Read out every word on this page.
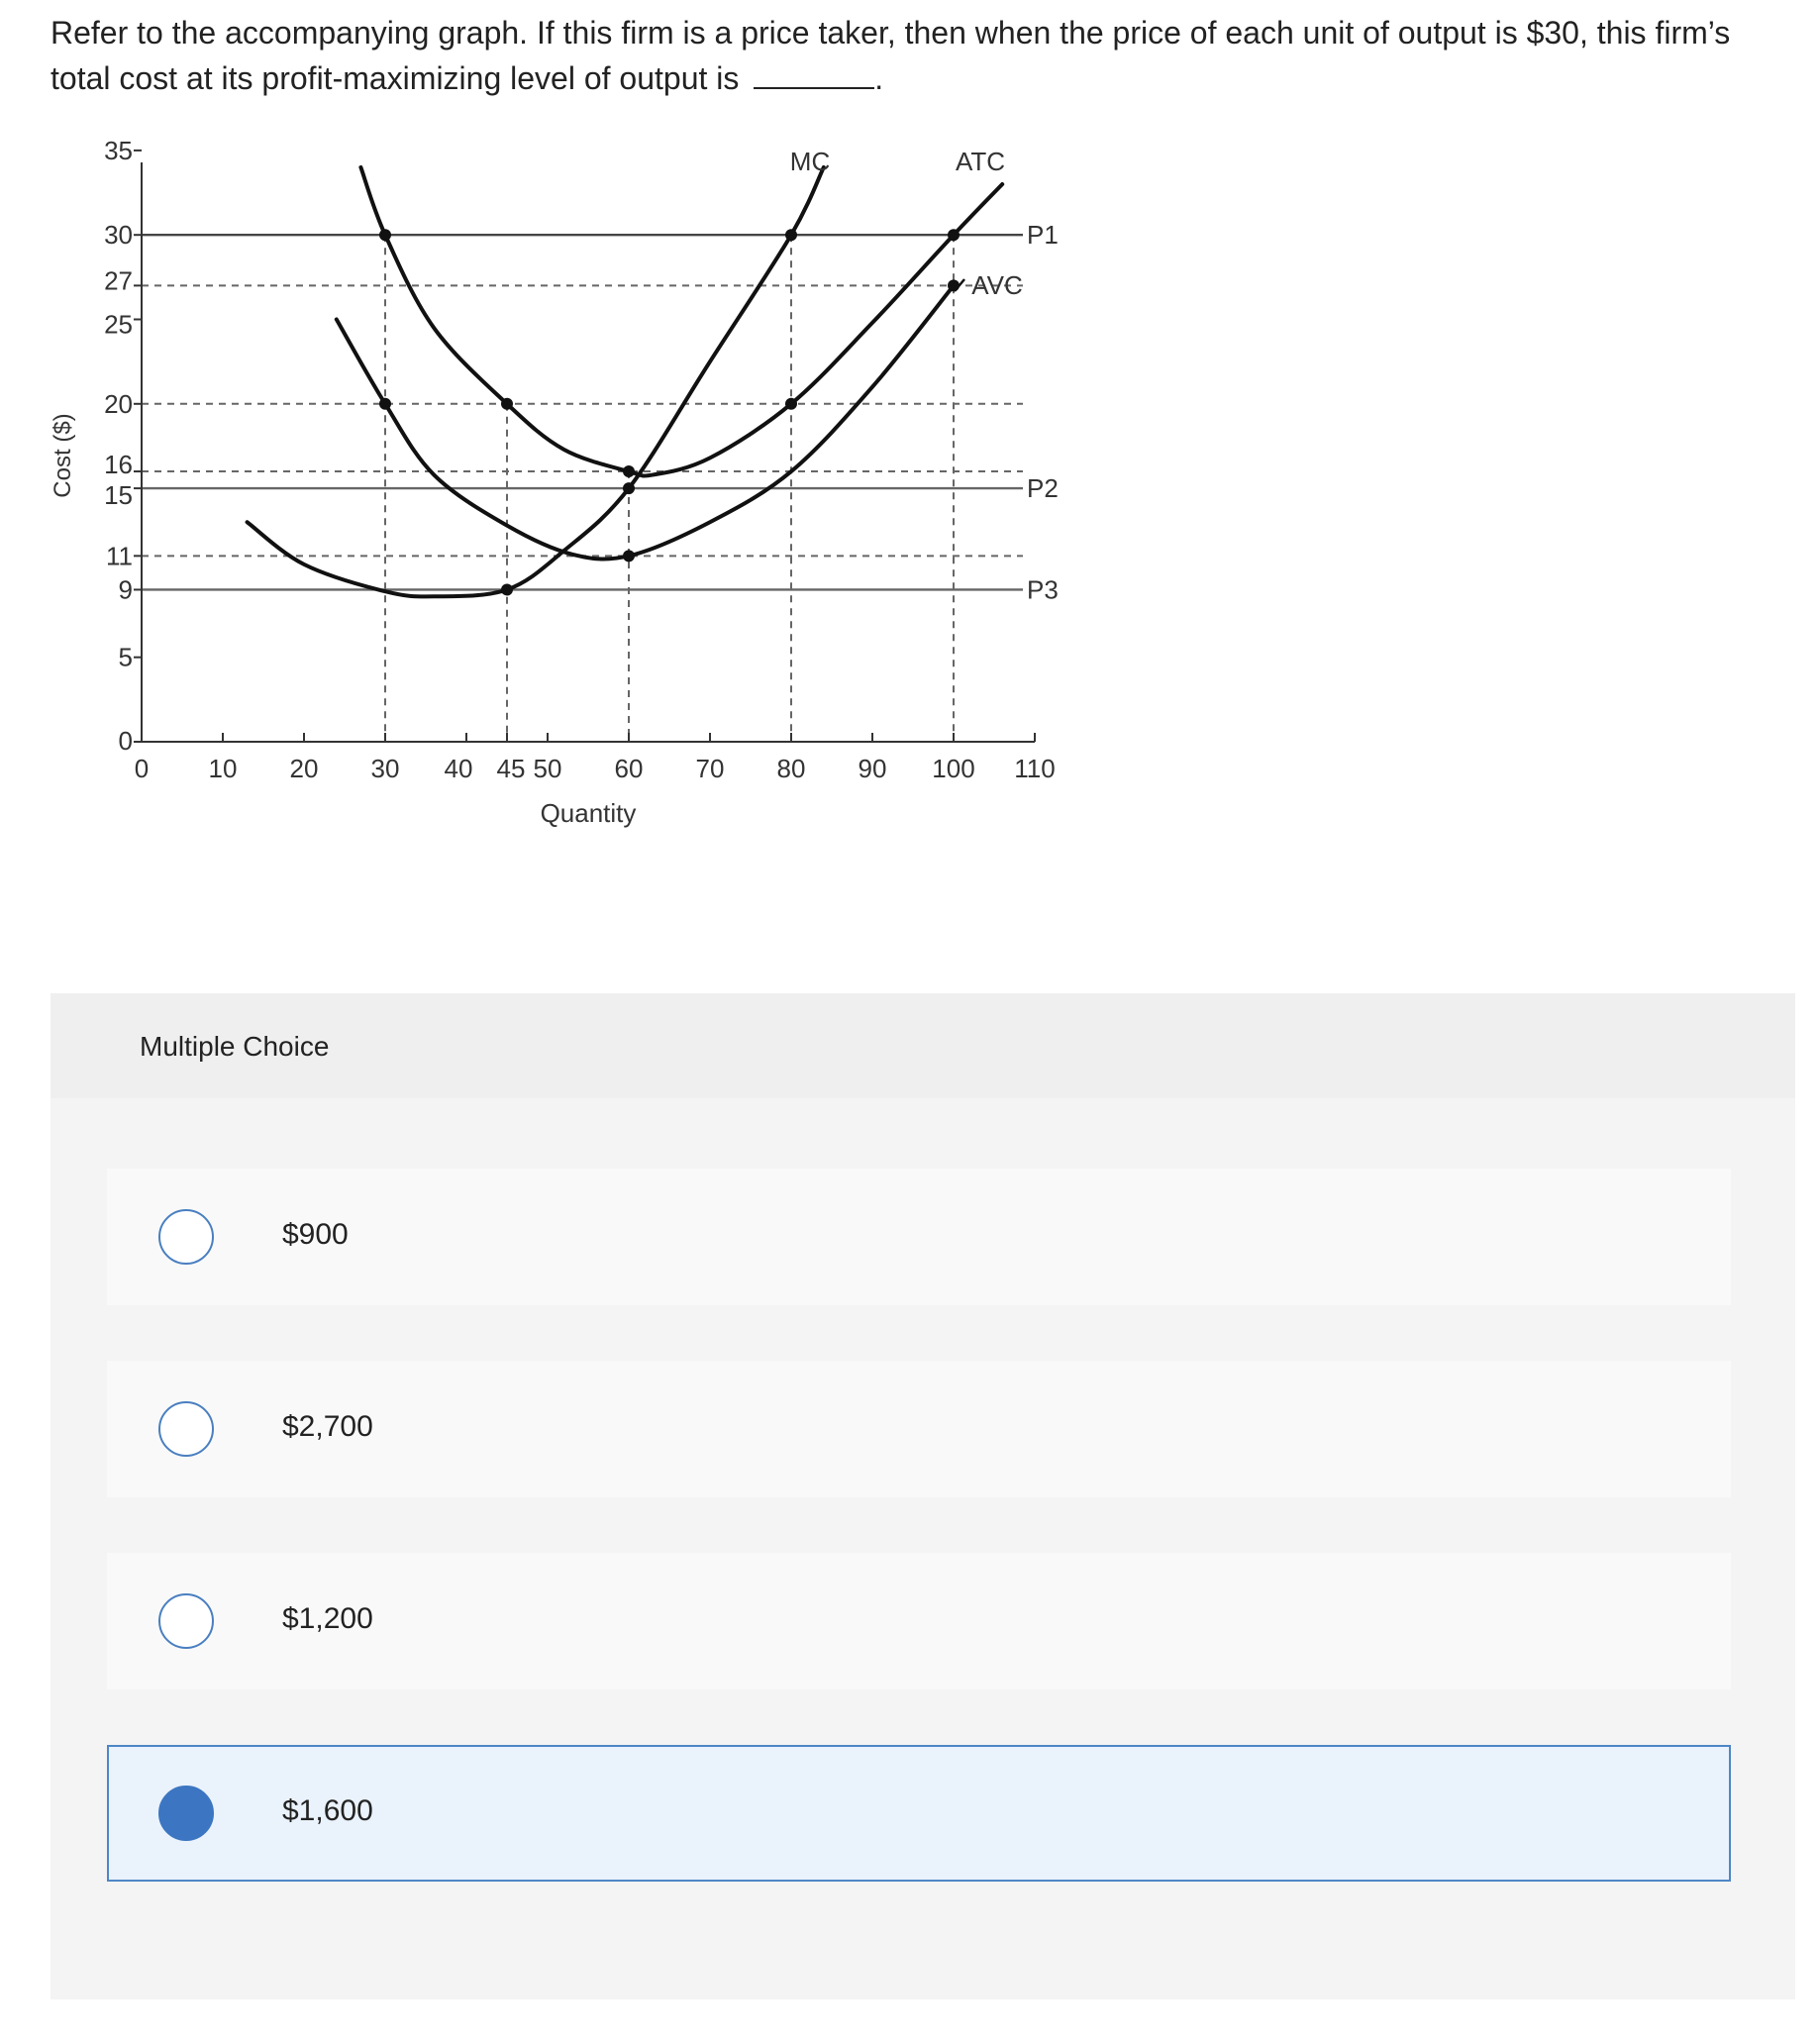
Refer to the accompanying graph. If this firm is a price taker, then when the price of each unit of output is $30, this firm’s total cost at its profit-maximizing level of output is	.

Quantity
Cost ($)
0 10 20 30 40 45 50 60 70 80 90 100 110
0
5
9
11
15
16
20
25
27
30
35
P1
P2
P3
MC	ATC
AVC
Multiple Choice
$900
$2,700
$1,200
$1,600
